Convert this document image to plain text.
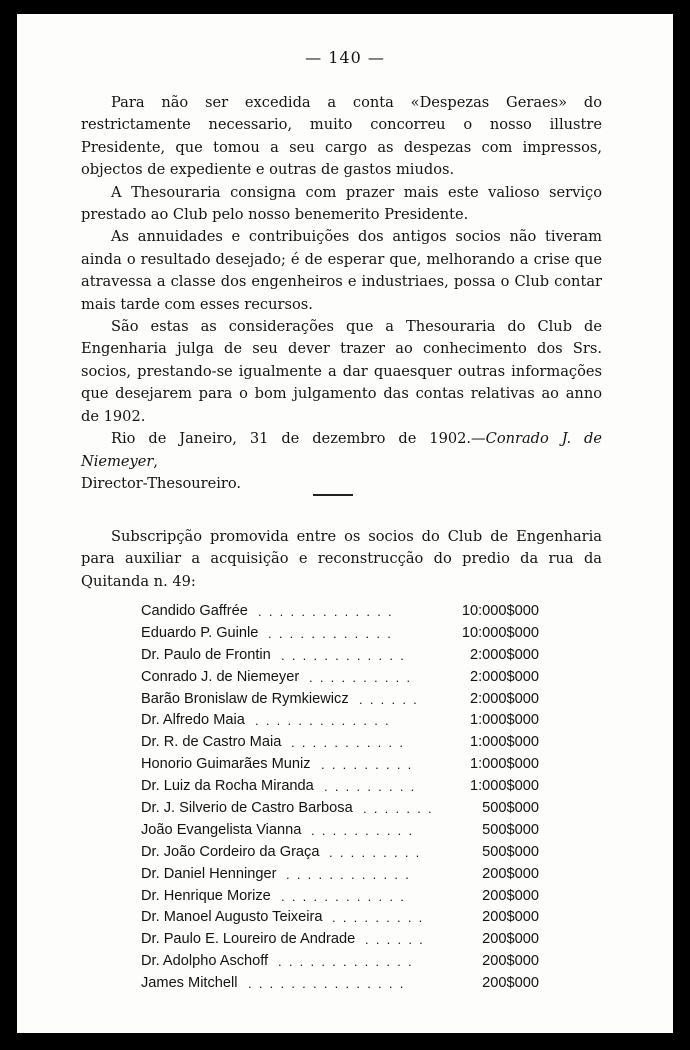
— 140 —

Para não ser excedida a conta «Despezas Geraes» do restrictamente necessario, muito concorreu o nosso illustre Presidente, que tomou a seu cargo as despezas com impressos, objectos de expediente e outras de gastos miudos.

A Thesouraria consigna com prazer mais este valioso serviço prestado ao Club pelo nosso benemerito Presidente.

As annuidades e contribuições dos antigos socios não tiveram ainda o resultado desejado; é de esperar que, melhorando a crise que atravessa a classe dos engenheiros e industriaes, possa o Club contar mais tarde com esses recursos.

São estas as considerações que a Thesouraria do Club de Engenharia julga de seu dever trazer ao conhecimento dos Srs. socios, prestando-se igualmente a dar quaesquer outras informações que desejarem para o bom julgamento das contas relativas ao anno de 1902.

Rio de Janeiro, 31 de dezembro de 1902.—Conrado J. de Niemeyer,

Director-Thesoureiro.

Subscripção promovida entre os socios do Club de Engenharia para auxiliar a acquisição e reconstrucção do predio da rua da Quitanda n. 49:

Candido Gaffrée .  .  .  .  .  .  .  .  .  .  .  .  .	10:000$000
Eduardo P. Guinle .  .  .  .  .  .  .  .  .  .  .  .	10:000$000
Dr. Paulo de Frontin .  .  .  .  .  .  .  .  .  .  .  .	2:000$000
Conrado J. de Niemeyer .  .  .  .  .  .  .  .  .  .	2:000$000
Barão Bronislaw de Rymkiewicz .  .  .  .  .  .	2:000$000
Dr. Alfredo Maia .  .  .  .  .  .  .  .  .  .  .  .  .	1:000$000
Dr. R. de Castro Maia .  .  .  .  .  .  .  .  .  .  .	1:000$000
Honorio Guimarães Muniz .  .  .  .  .  .  .  .  .	1:000$000
Dr. Luiz da Rocha Miranda .  .  .  .  .  .  .  .  .	1:000$000
Dr. J. Silverio de Castro Barbosa .  .  .  .  .  .  .	500$000
João Evangelista Vianna .  .  .  .  .  .  .  .  .  .	500$000
Dr. João Cordeiro da Graça .  .  .  .  .  .  .  .  .	500$000
Dr. Daniel Henninger .  .  .  .  .  .  .  .  .  .  .  .	200$000
Dr. Henrique Morize .  .  .  .  .  .  .  .  .  .  .  .	200$000
Dr. Manoel Augusto Teixeira .  .  .  .  .  .  .  .  .	200$000
Dr. Paulo E. Loureiro de Andrade .  .  .  .  .  .	200$000
Dr. Adolpho Aschoff .  .  .  .  .  .  .  .  .  .  .  .  .	200$000
James Mitchell .  .  .  .  .  .  .  .  .  .  .  .  .  .  .	200$000
